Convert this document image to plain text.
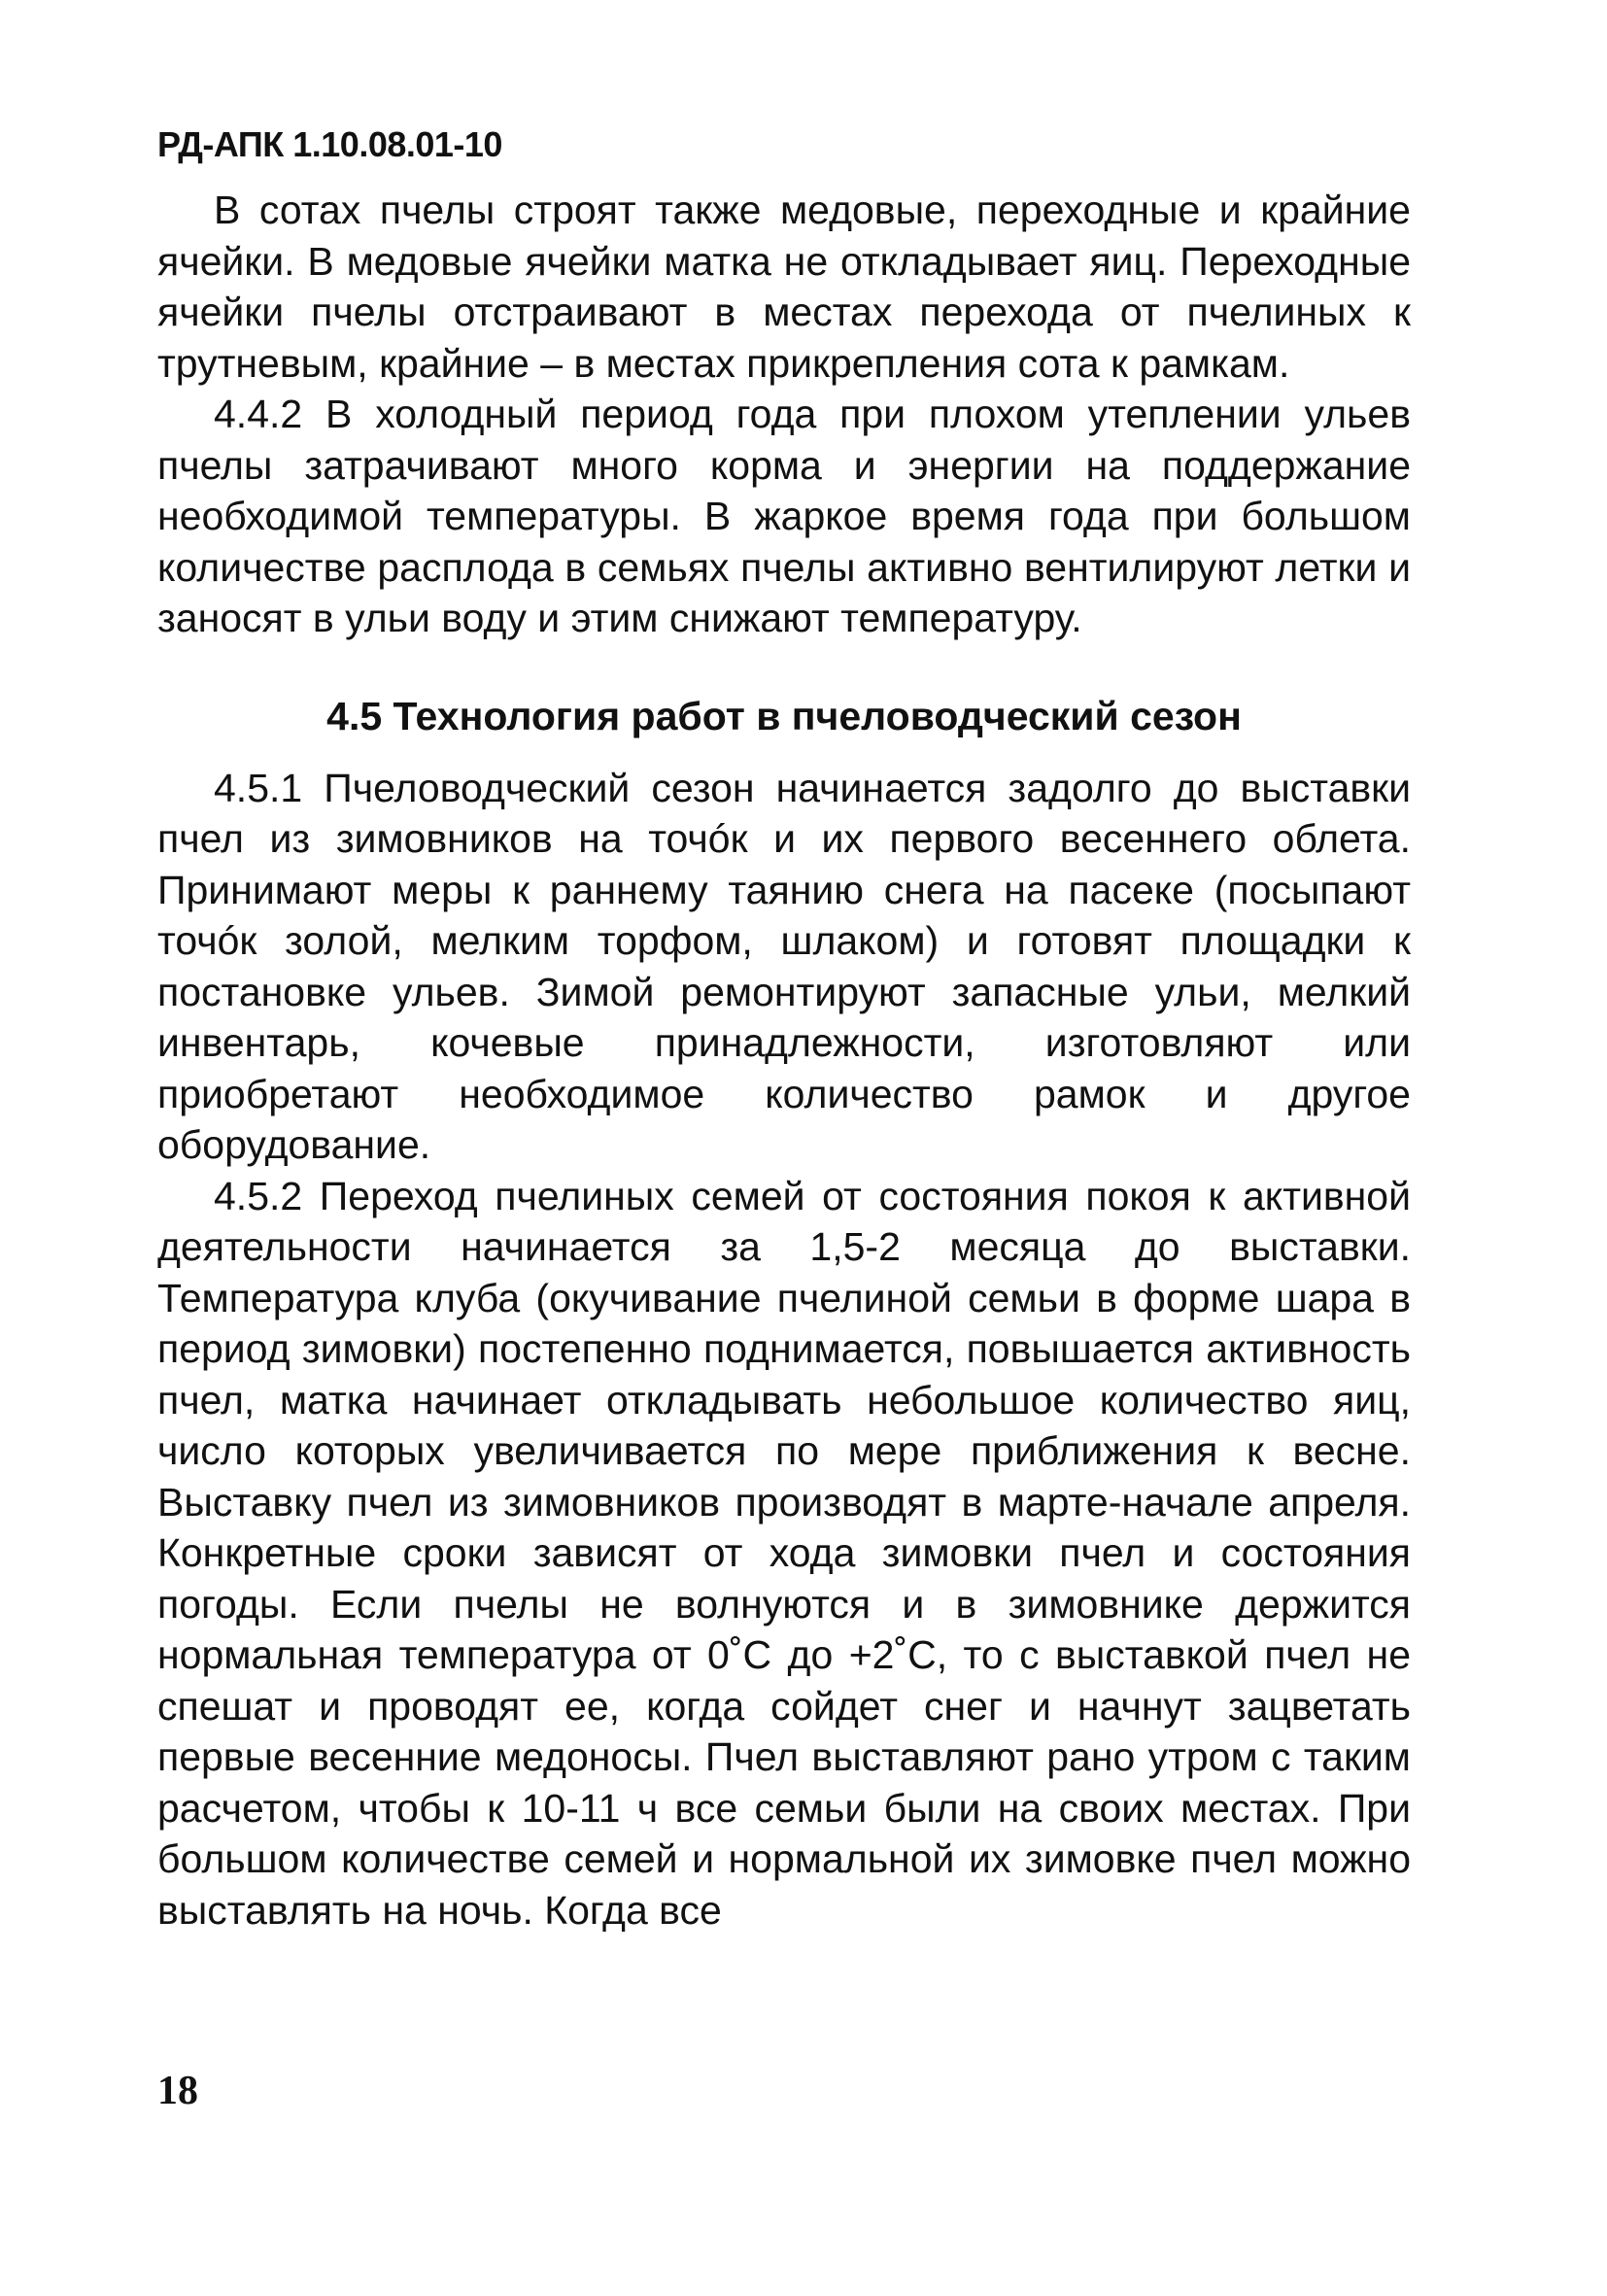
РД-АПК 1.10.08.01-10

В сотах пчелы строят также медовые, переходные и крайние ячейки. В медовые ячейки матка не откладывает яиц. Переходные ячейки пчелы отстраивают в местах перехода от пчелиных к трутневым, крайние – в местах прикрепления сота к рамкам.

4.4.2 В холодный период года при плохом утеплении ульев пчелы затрачивают много корма и энергии на поддержание необходимой температуры. В жаркое время года при большом количестве расплода в семьях пчелы активно вентилируют летки и заносят в ульи воду и этим снижают температуру.

4.5 Технология работ в пчеловодческий сезон

4.5.1 Пчеловодческий сезон начинается задолго до выставки пчел из зимовников на точóк и их первого весеннего облета. Принимают меры к раннему таянию снега на пасеке (посыпают точóк золой, мелким торфом, шлаком) и готовят площадки к постановке ульев. Зимой ремонтируют запасные ульи, мелкий инвентарь, кочевые принадлежности, изготовляют или приобретают необходимое количество рамок и другое оборудование.

4.5.2 Переход пчелиных семей от состояния покоя к активной деятельности начинается за 1,5-2 месяца до выставки. Температура клуба (окучивание пчелиной семьи в форме шара в период зимовки) постепенно поднимается, повышается активность пчел, матка начинает откладывать небольшое количество яиц, число которых увеличивается по мере приближения к весне. Выставку пчел из зимовников производят в марте-начале апреля. Конкретные сроки зависят от хода зимовки пчел и состояния погоды. Если пчелы не волнуются и в зимовнике держится нормальная температура от 0˚С до +2˚С, то с выставкой пчел не спешат и проводят ее, когда сойдет снег и начнут зацветать первые весенние медоносы. Пчел выставляют рано утром с таким расчетом, чтобы к 10-11 ч все семьи были на своих местах. При большом количестве семей и нормальной их зимовке пчел можно выставлять на ночь. Когда все

18
